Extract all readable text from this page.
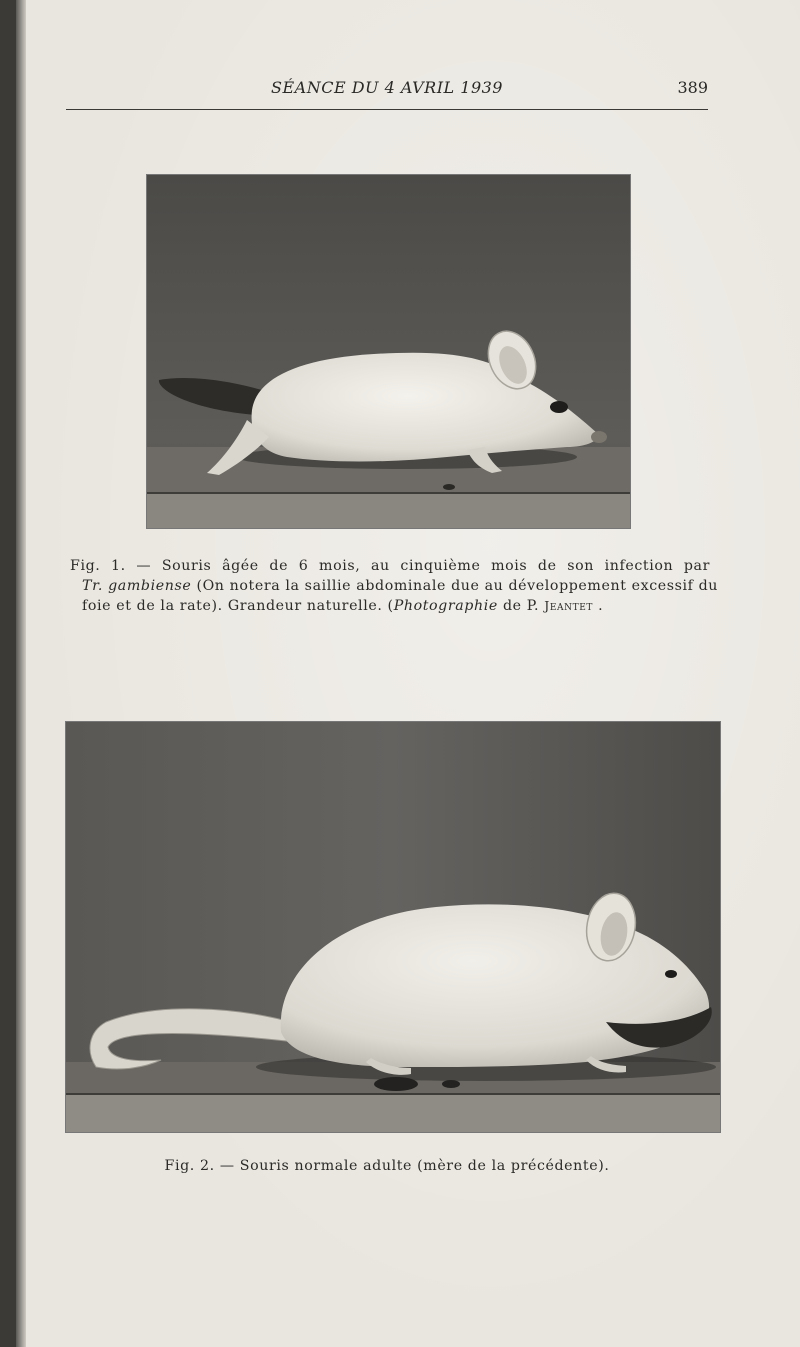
SÉANCE DU 4 AVRIL 1939	389
Fig. 1. — Souris âgée de 6 mois, au cinquième mois de son infection par
Tr. gambiense (On notera la saillie abdominale due au développement excessif du
foie et de la rate). Grandeur naturelle. (Photographie de P. Jeantet .
Fig. 2. — Souris normale adulte (mère de la précédente).
